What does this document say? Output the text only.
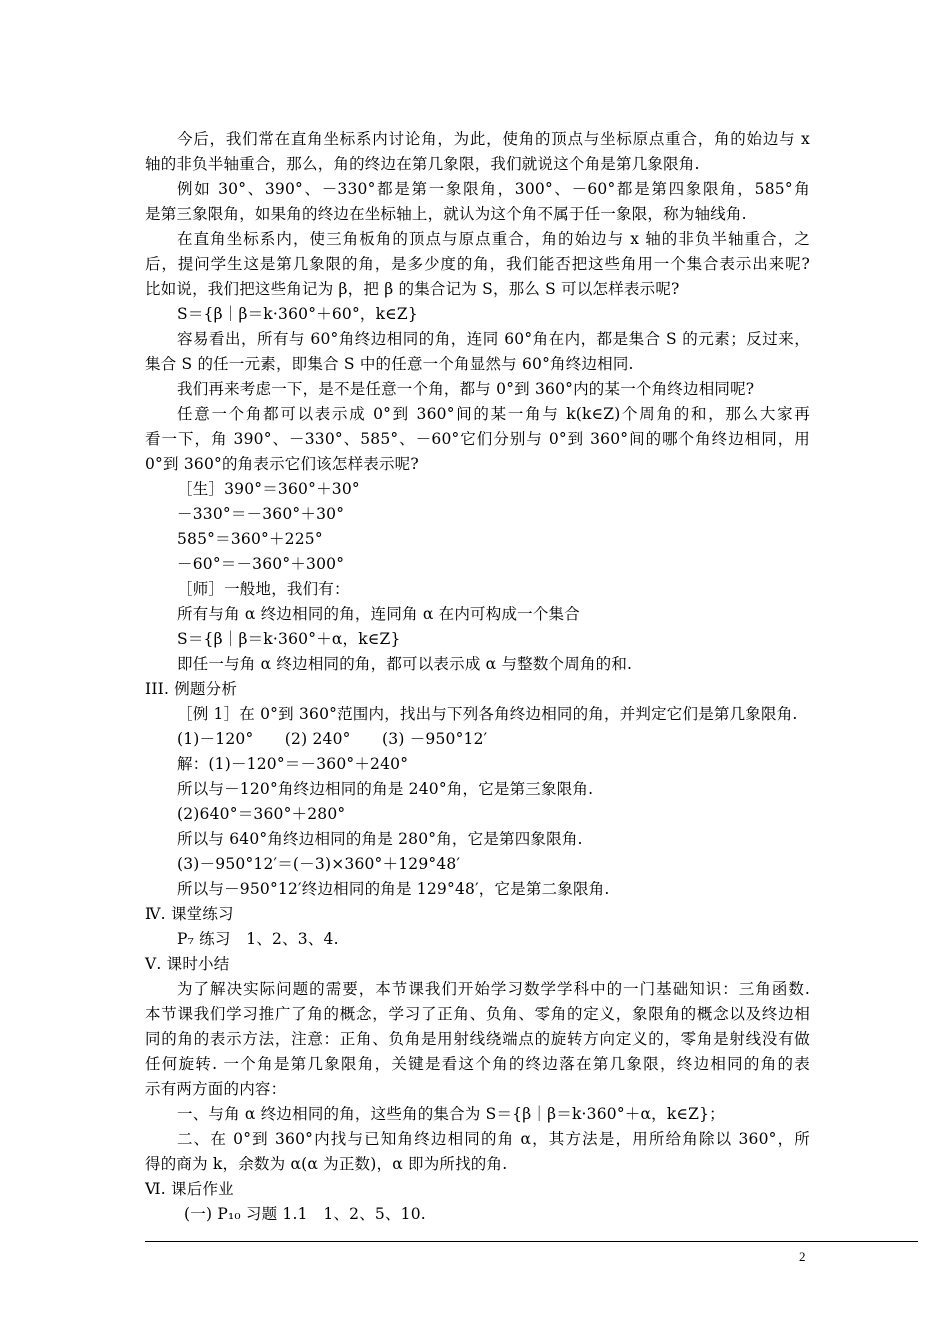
今后，我们常在直角坐标系内讨论角，为此，使角的顶点与坐标原点重合，角的始边与 x
轴的非负半轴重合，那么，角的终边在第几象限，我们就说这个角是第几象限角.
例如 30°、390°、－330°都是第一象限角，300°、－60°都是第四象限角，585°角
是第三象限角，如果角的终边在坐标轴上，就认为这个角不属于任一象限，称为轴线角.
在直角坐标系内，使三角板角的顶点与原点重合，角的始边与 x 轴的非负半轴重合，之
后，提问学生这是第几象限的角，是多少度的角，我们能否把这些角用一个集合表示出来呢?
比如说，我们把这些角记为 β，把 β 的集合记为 S，那么 S 可以怎样表示呢?
S＝{β｜β＝k·360°＋60°，k∈Z}
容易看出，所有与 60°角终边相同的角，连同 60°角在内，都是集合 S 的元素；反过来，
集合 S 的任一元素，即集合 S 中的任意一个角显然与 60°角终边相同.
我们再来考虑一下，是不是任意一个角，都与 0°到 360°内的某一个角终边相同呢?
任意一个角都可以表示成 0°到 360°间的某一角与 k(k∈Z)个周角的和，那么大家再
看一下，角 390°、－330°、585°、－60°它们分别与 0°到 360°间的哪个角终边相同，用
0°到 360°的角表示它们该怎样表示呢?
［生］390°＝360°＋30°
－330°＝－360°＋30°
585°＝360°＋225°
－60°＝－360°＋300°
［师］一般地，我们有：
所有与角 α 终边相同的角，连同角 α 在内可构成一个集合
S＝{β｜β＝k·360°＋α，k∈Z}
即任一与角 α 终边相同的角，都可以表示成 α 与整数个周角的和.
III. 例题分析
［例 1］在 0°到 360°范围内，找出与下列各角终边相同的角，并判定它们是第几象限角.
(1)－120°　　(2) 240°　　(3) －950°12′
解：(1)－120°＝－360°＋240°
所以与－120°角终边相同的角是 240°角，它是第三象限角.
(2)640°＝360°＋280°
所以与 640°角终边相同的角是 280°角，它是第四象限角.
(3)－950°12′＝(－3)×360°＋129°48′
所以与－950°12′终边相同的角是 129°48′，它是第二象限角.
Ⅳ. 课堂练习
P₇ 练习　1、2、3、4.
Ⅴ. 课时小结
为了解决实际问题的需要，本节课我们开始学习数学学科中的一门基础知识：三角函数.
本节课我们学习推广了角的概念，学习了正角、负角、零角的定义，象限角的概念以及终边相
同的角的表示方法，注意：正角、负角是用射线绕端点的旋转方向定义的，零角是射线没有做
任何旋转. 一个角是第几象限角，关键是看这个角的终边落在第几象限，终边相同的角的表
示有两方面的内容：
一、与角 α 终边相同的角，这些角的集合为 S＝{β｜β＝k·360°＋α，k∈Z}；
二、在 0°到 360°内找与已知角终边相同的角 α，其方法是，用所给角除以 360°，所
得的商为 k，余数为 α(α 为正数)，α 即为所找的角.
Ⅵ. 课后作业
(一) P₁₀ 习题 1.1　1、2、5、10.
2
